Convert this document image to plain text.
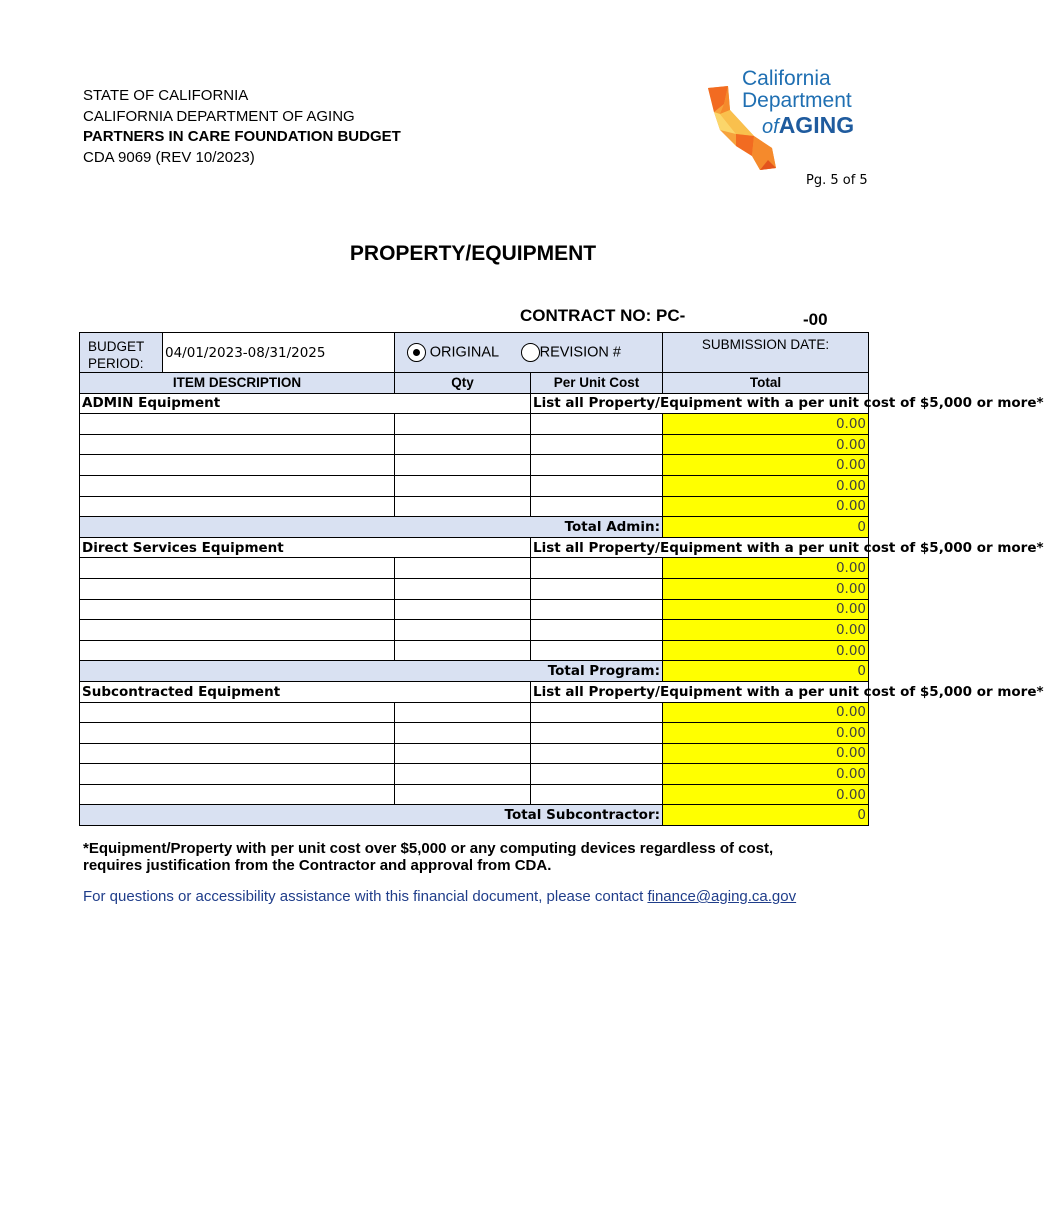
STATE OF CALIFORNIA
CALIFORNIA DEPARTMENT OF AGING
PARTNERS IN CARE FOUNDATION BUDGET
CDA 9069 (REV 10/2023)
California
Department
ofAGING
Pg. 5 of 5
PROPERTY/EQUIPMENT
CONTRACT NO: PC-	-00
BUDGET
PERIOD:	04/01/2023-08/31/2025	ORIGINAL REVISION #		SUBMISSION DATE:
ITEM DESCRIPTION		Qty	Per Unit Cost	Total
ADMIN Equipment			List all Property/Equipment with a per unit cost of $5,000 or more*	
				0.00
				0.00
				0.00
				0.00
				0.00
Total Admin:				0
Direct Services Equipment			List all Property/Equipment with a per unit cost of $5,000 or more*	
				0.00
				0.00
				0.00
				0.00
				0.00
Total Program:				0
Subcontracted Equipment			List all Property/Equipment with a per unit cost of $5,000 or more*	
				0.00
				0.00
				0.00
				0.00
				0.00
Total Subcontractor:				0
*Equipment/Property with per unit cost over $5,000 or any computing devices regardless of cost,
requires justification from the Contractor and approval from CDA.
For questions or accessibility assistance with this financial document, please contact finance@aging.ca.gov
